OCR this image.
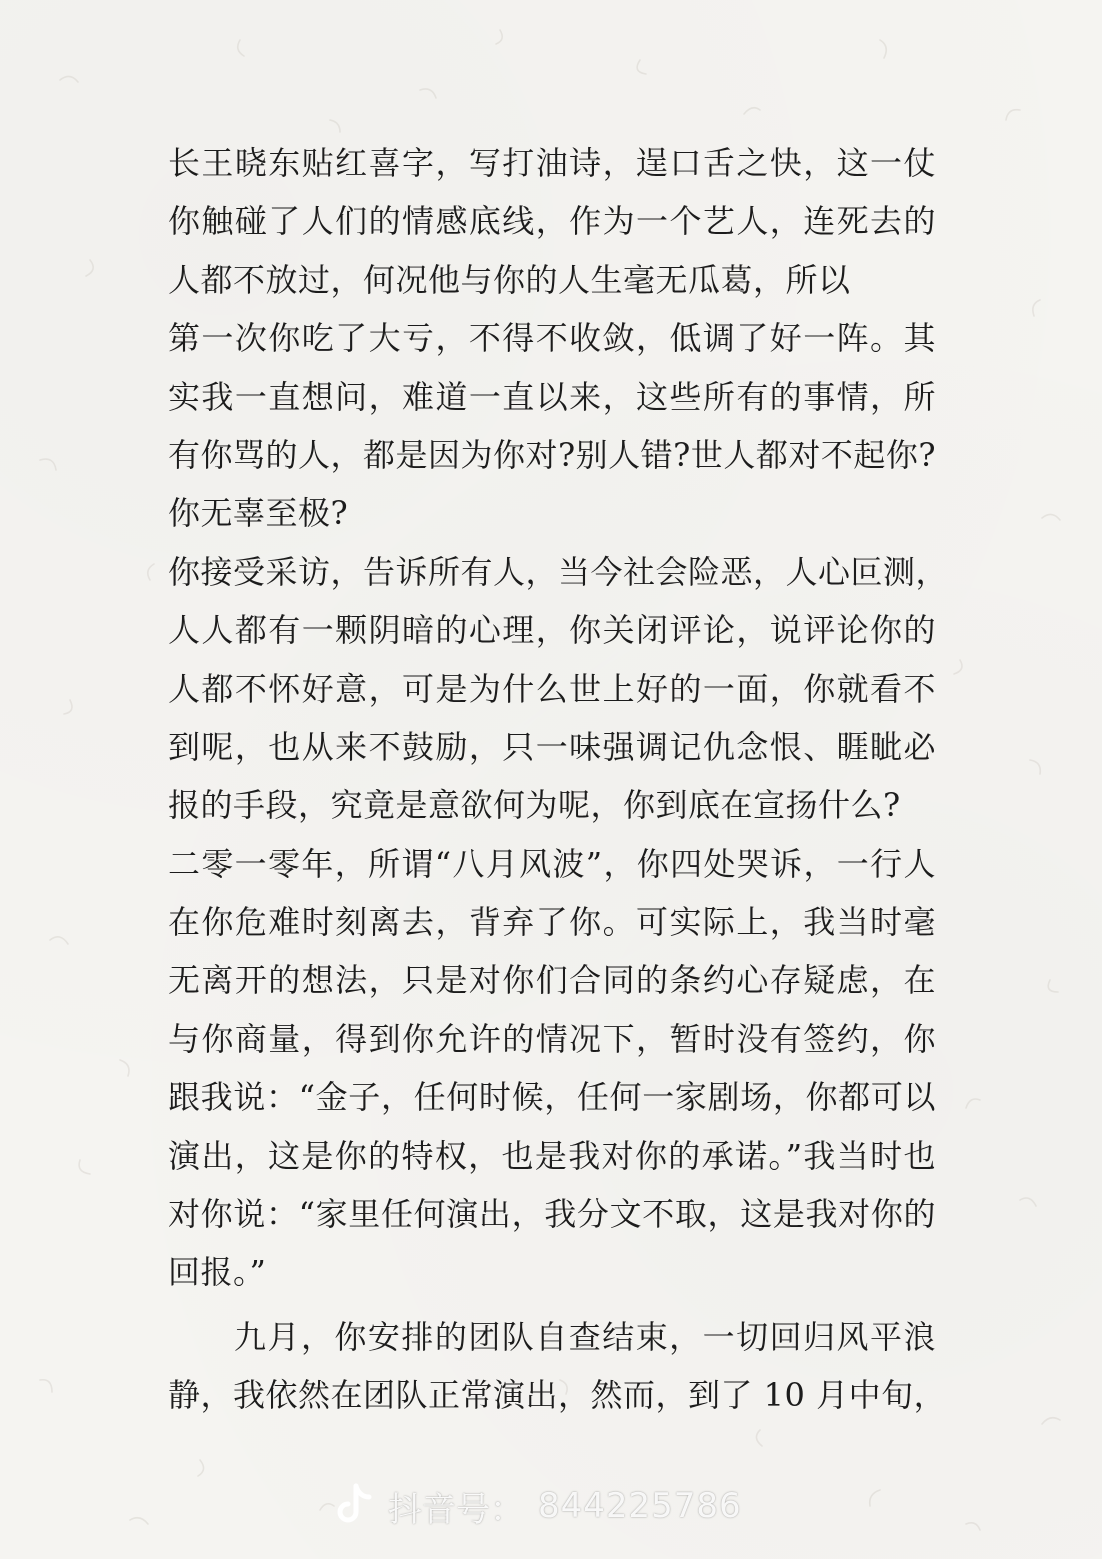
长王晓东贴红喜字，写打油诗，逞口舌之快，这一仗
你触碰了人们的情感底线，作为一个艺人，连死去的
人都不放过，何况他与你的人生毫无瓜葛，所以
第一次你吃了大亏，不得不收敛，低调了好一阵。其
实我一直想问，难道一直以来，这些所有的事情，所
有你骂的人，都是因为你对?别人错?世人都对不起你?
你无辜至极?
你接受采访，告诉所有人，当今社会险恶，人心叵测，
人人都有一颗阴暗的心理，你关闭评论，说评论你的
人都不怀好意，可是为什么世上好的一面，你就看不
到呢，也从来不鼓励，只一味强调记仇念恨、睚眦必
报的手段，究竟是意欲何为呢，你到底在宣扬什么?
二零一零年，所谓“八月风波”，你四处哭诉，一行人
在你危难时刻离去，背弃了你。可实际上，我当时毫
无离开的想法，只是对你们合同的条约心存疑虑，在
与你商量，得到你允许的情况下，暂时没有签约，你
跟我说：“金子，任何时候，任何一家剧场，你都可以
演出，这是你的特权，也是我对你的承诺。”我当时也
对你说：“家里任何演出，我分文不取，这是我对你的
回报。”
九月，你安排的团队自查结束，一切回归风平浪
静，我依然在团队正常演出，然而，到了 10 月中旬，
抖音号： 844225786
